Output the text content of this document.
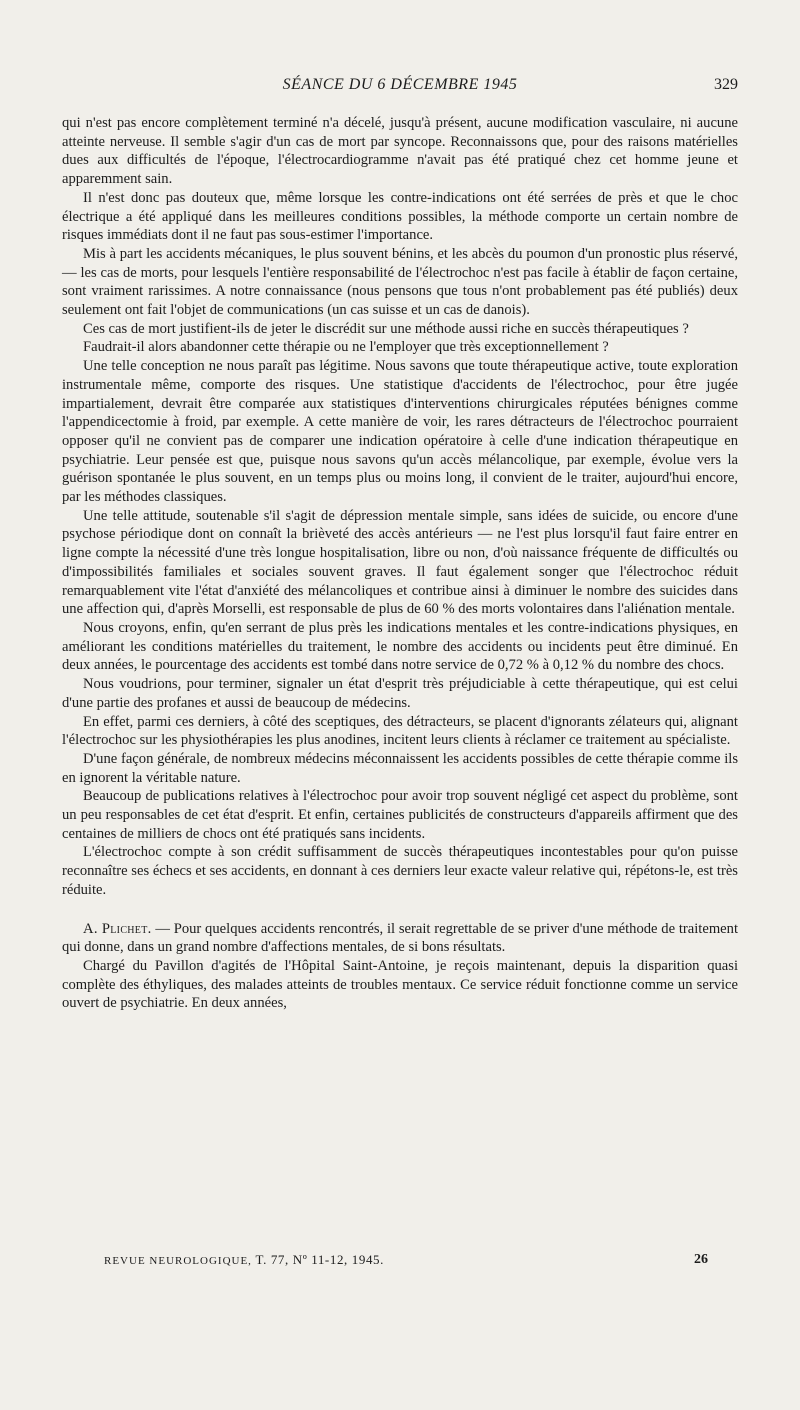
SÉANCE DU 6 DÉCEMBRE 1945	329

qui n'est pas encore complètement terminé n'a décelé, jusqu'à présent, aucune modification vasculaire, ni aucune atteinte nerveuse. Il semble s'agir d'un cas de mort par syncope. Reconnaissons que, pour des raisons matérielles dues aux difficultés de l'époque, l'électrocardiogramme n'avait pas été pratiqué chez cet homme jeune et apparemment sain.

Il n'est donc pas douteux que, même lorsque les contre-indications ont été serrées de près et que le choc électrique a été appliqué dans les meilleures conditions possibles, la méthode comporte un certain nombre de risques immédiats dont il ne faut pas sous-estimer l'importance.

Mis à part les accidents mécaniques, le plus souvent bénins, et les abcès du poumon d'un pronostic plus réservé, — les cas de morts, pour lesquels l'entière responsabilité de l'électrochoc n'est pas facile à établir de façon certaine, sont vraiment rarissimes. A notre connaissance (nous pensons que tous n'ont probablement pas été publiés) deux seulement ont fait l'objet de communications (un cas suisse et un cas de danois).

Ces cas de mort justifient-ils de jeter le discrédit sur une méthode aussi riche en succès thérapeutiques ?

Faudrait-il alors abandonner cette thérapie ou ne l'employer que très exceptionnellement ?

Une telle conception ne nous paraît pas légitime. Nous savons que toute thérapeutique active, toute exploration instrumentale même, comporte des risques. Une statistique d'accidents de l'électrochoc, pour être jugée impartialement, devrait être comparée aux statistiques d'interventions chirurgicales réputées bénignes comme l'appendicectomie à froid, par exemple. A cette manière de voir, les rares détracteurs de l'électrochoc pourraient opposer qu'il ne convient pas de comparer une indication opératoire à celle d'une indication thérapeutique en psychiatrie. Leur pensée est que, puisque nous savons qu'un accès mélancolique, par exemple, évolue vers la guérison spontanée le plus souvent, en un temps plus ou moins long, il convient de le traiter, aujourd'hui encore, par les méthodes classiques.

Une telle attitude, soutenable s'il s'agit de dépression mentale simple, sans idées de suicide, ou encore d'une psychose périodique dont on connaît la brièveté des accès antérieurs — ne l'est plus lorsqu'il faut faire entrer en ligne compte la nécessité d'une très longue hospitalisation, libre ou non, d'où naissance fréquente de difficultés ou d'impossibilités familiales et sociales souvent graves. Il faut également songer que l'électrochoc réduit remarquablement vite l'état d'anxiété des mélancoliques et contribue ainsi à diminuer le nombre des suicides dans une affection qui, d'après Morselli, est responsable de plus de 60 % des morts volontaires dans l'aliénation mentale.

Nous croyons, enfin, qu'en serrant de plus près les indications mentales et les contre-indications physiques, en améliorant les conditions matérielles du traitement, le nombre des accidents ou incidents peut être diminué. En deux années, le pourcentage des accidents est tombé dans notre service de 0,72 % à 0,12 % du nombre des chocs.

Nous voudrions, pour terminer, signaler un état d'esprit très préjudiciable à cette thérapeutique, qui est celui d'une partie des profanes et aussi de beaucoup de médecins.

En effet, parmi ces derniers, à côté des sceptiques, des détracteurs, se placent d'ignorants zélateurs qui, alignant l'électrochoc sur les physiothérapies les plus anodines, incitent leurs clients à réclamer ce traitement au spécialiste.

D'une façon générale, de nombreux médecins méconnaissent les accidents possibles de cette thérapie comme ils en ignorent la véritable nature.

Beaucoup de publications relatives à l'électrochoc pour avoir trop souvent négligé cet aspect du problème, sont un peu responsables de cet état d'esprit. Et enfin, certaines publicités de constructeurs d'appareils affirment que des centaines de milliers de chocs ont été pratiqués sans incidents.

L'électrochoc compte à son crédit suffisamment de succès thérapeutiques incontestables pour qu'on puisse reconnaître ses échecs et ses accidents, en donnant à ces derniers leur exacte valeur relative qui, répétons-le, est très réduite.

A. Plichet. — Pour quelques accidents rencontrés, il serait regrettable de se priver d'une méthode de traitement qui donne, dans un grand nombre d'affections mentales, de si bons résultats.

Chargé du Pavillon d'agités de l'Hôpital Saint-Antoine, je reçois maintenant, depuis la disparition quasi complète des éthyliques, des malades atteints de troubles mentaux. Ce service réduit fonctionne comme un service ouvert de psychiatrie. En deux années,

REVUE NEUROLOGIQUE, T. 77, Nº 11-12, 1945.	26
